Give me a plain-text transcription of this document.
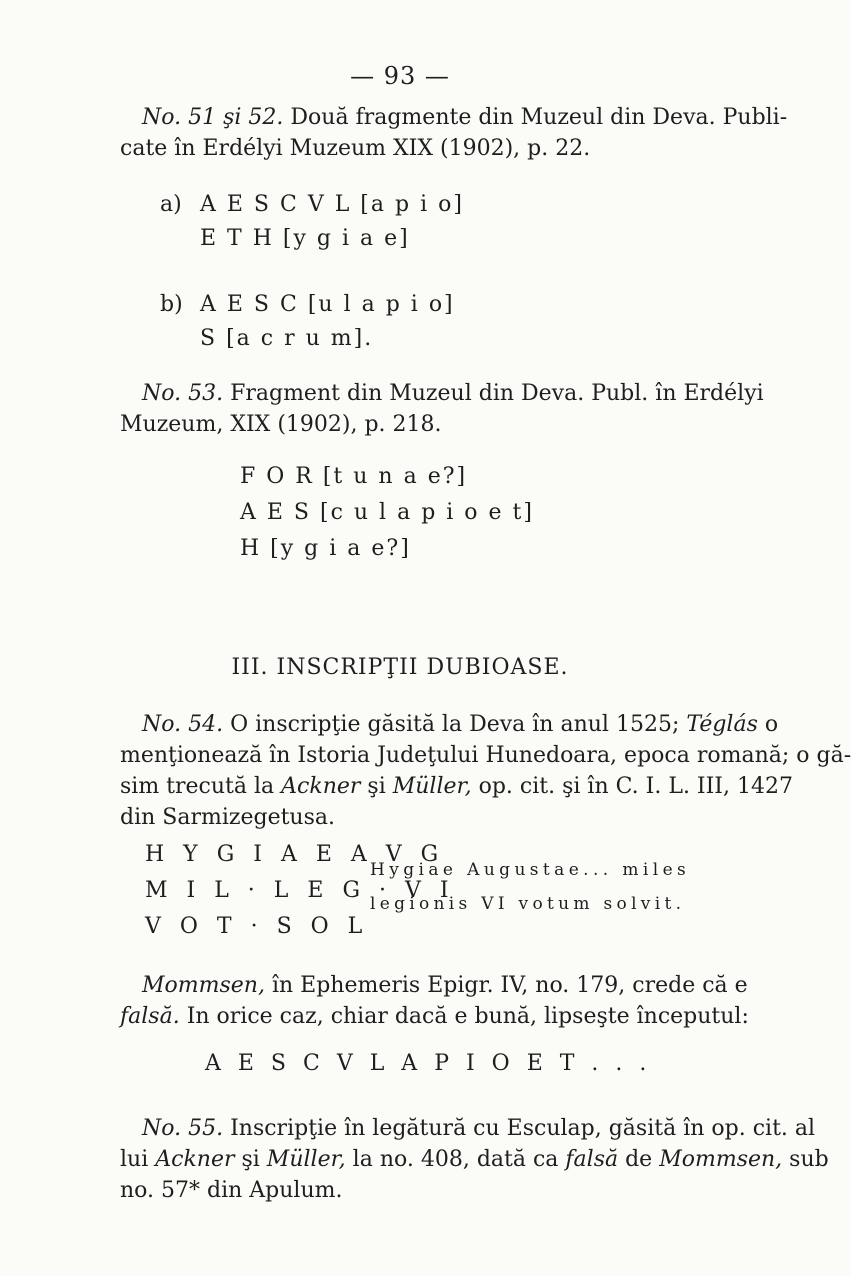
— 93 —
No. 51 şi 52. Două fragmente din Muzeul din Deva. Publi-
cate în Erdélyi Muzeum XIX (1902), p. 22.
a) A E S C V L [a p i o]
E T H [y g i a e]
b) A E S C [u l a p i o]
S [a c r u m].
No. 53. Fragment din Muzeul din Deva. Publ. în Erdélyi
Muzeum, XIX (1902), p. 218.
F O R [t u n a e?]
A E S [c u l a p i o e t]
H [y g i a e?]
III. INSCRIPŢII DUBIOASE.
No. 54. O inscripţie găsită la Deva în anul 1525; Téglás o
menţionează în Istoria Judeţului Hunedoara, epoca romană; o gă-
sim trecută la Ackner şi Müller, op. cit. şi în C. I. L. III, 1427
din Sarmizegetusa.
H Y G I A E A V G
M I L · L E G · V I
V O T · S O L
Hygiae Augustae... miles
legionis VI votum solvit.
Mommsen, în Ephemeris Epigr. IV, no. 179, crede că e
falsă. In orice caz, chiar dacă e bună, lipseşte începutul:
A E S C V L A P I O E T . . .
No. 55. Inscripţie în legătură cu Esculap, găsită în op. cit. al
lui Ackner şi Müller, la no. 408, dată ca falsă de Mommsen, sub
no. 57* din Apulum.
